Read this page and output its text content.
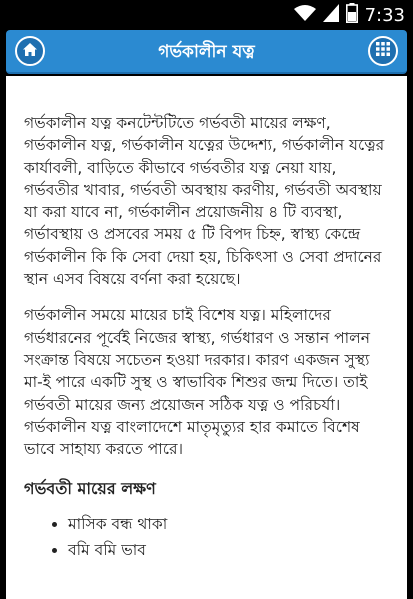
7:33
গর্ভকালীন যত্ন

গর্ভকালীন যত্ন কনটেন্টটিতে গর্ভবতী মায়ের লক্ষণ, গর্ভকালীন যত্ন, গর্ভকালীন যত্নের উদ্দেশ্য, গর্ভকালীন যত্নের কার্যাবলী, বাড়িতে কীভাবে গর্ভবতীর যত্ন নেয়া যায়, গর্ভবতীর খাবার, গর্ভবতী অবস্থায় করণীয়, গর্ভবতী অবস্থায় যা করা যাবে না, গর্ভকালীন প্রয়োজনীয় ৪ টি ব্যবস্থা, গর্ভাবস্থায় ও প্রসবের সময় ৫ টি বিপদ চিহ্ন, স্বাস্থ্য কেন্দ্রে গর্ভকালীন কি কি সেবা দেয়া হয়, চিকিৎসা ও সেবা প্রদানের স্থান এসব বিষয়ে বর্ণনা করা হয়েছে।

গর্ভকালীন সময়ে মায়ের চাই বিশেষ যত্ন। মহিলাদের গর্ভধারনের পূর্বেই নিজের স্বাস্থ্য, গর্ভধারণ ও সন্তান পালন সংক্রান্ত বিষয়ে সচেতন হওয়া দরকার। কারণ একজন সুস্থ্য মা-ই পারে একটি সুস্থ ও স্বাভাবিক শিশুর জন্ম দিতে। তাই গর্ভবতী মায়ের জন্য প্রয়োজন সঠিক যত্ন ও পরিচর্যা। গর্ভকালীন যত্ন বাংলাদেশে মাতৃমৃত্যুর হার কমাতে বিশেষ ভাবে সাহায্য করতে পারে।

গর্ভবতী মায়ের লক্ষণ
• মাসিক বন্ধ থাকা
• বমি বমি ভাব
